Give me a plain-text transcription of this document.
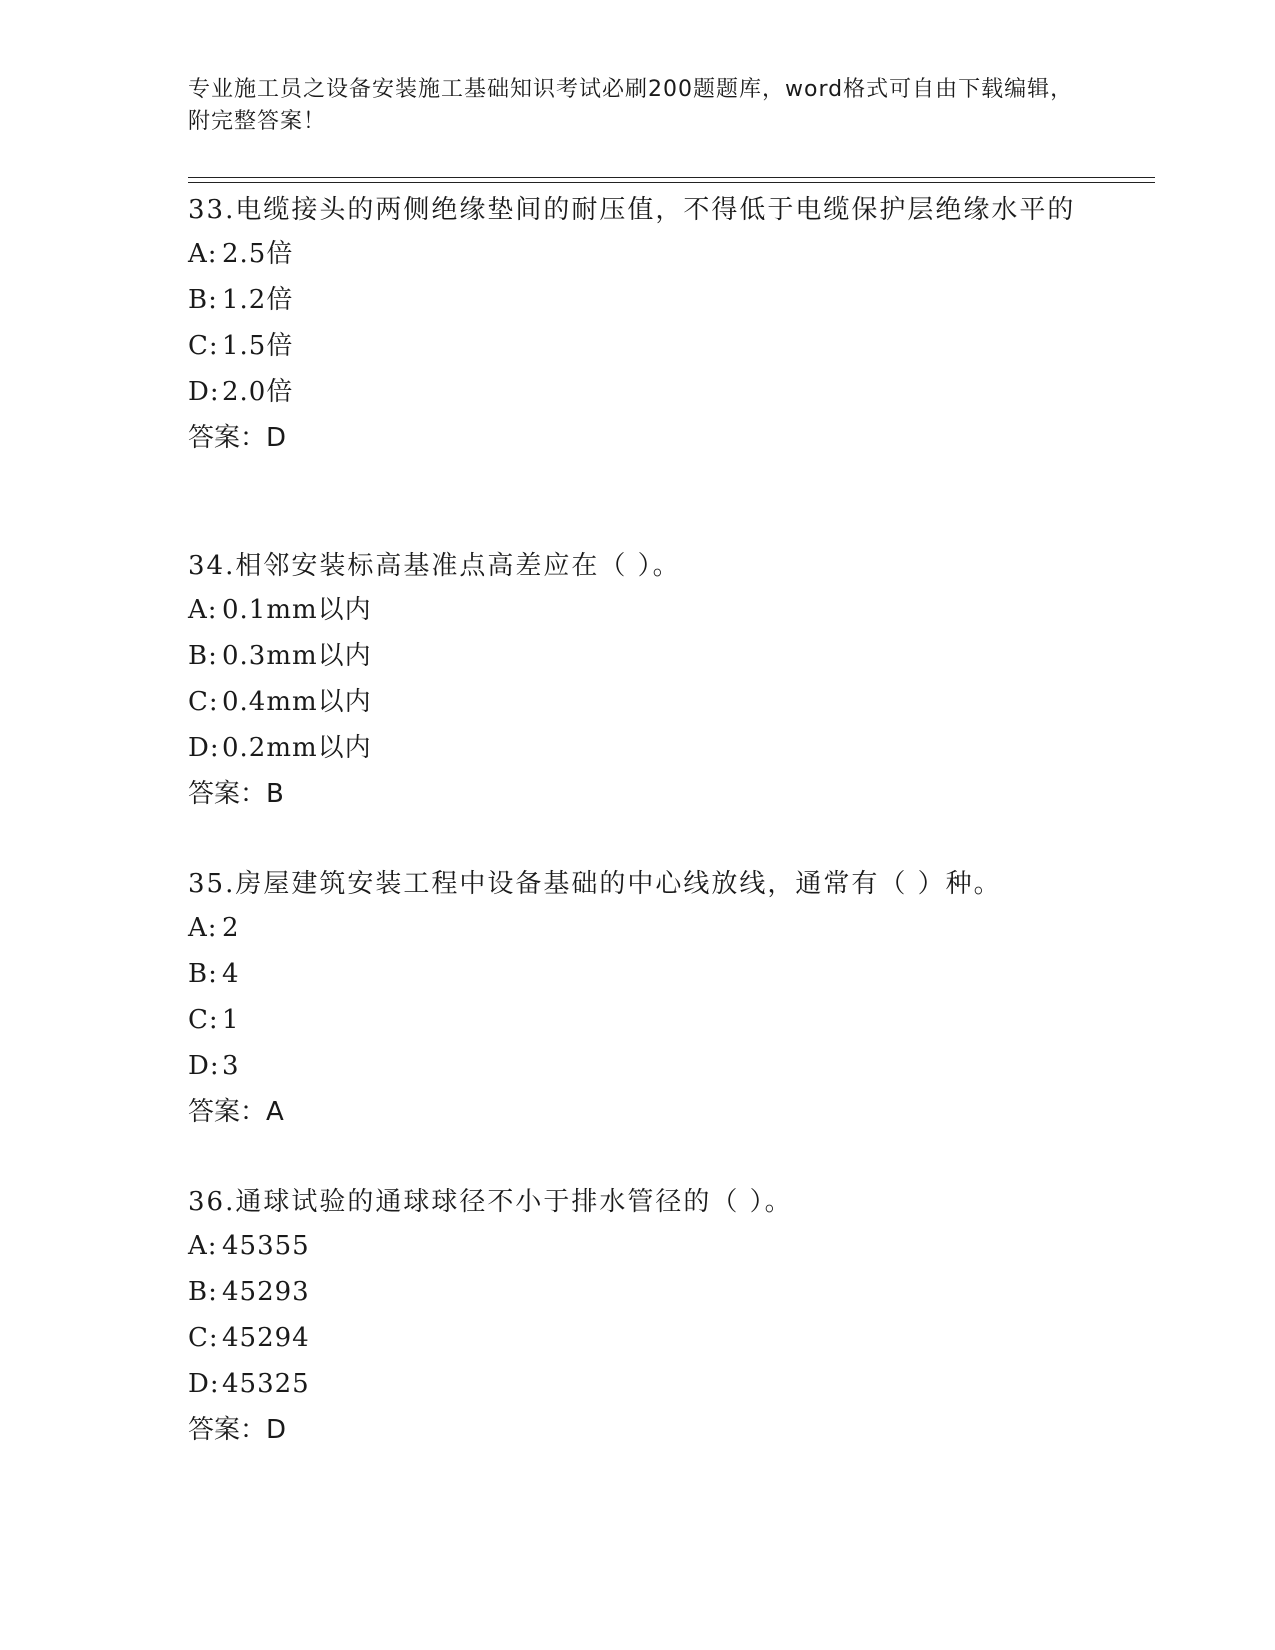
专业施工员之设备安装施工基础知识考试必刷200题题库，word格式可自由下载编辑，附完整答案！

33.电缆接头的两侧绝缘垫间的耐压值，不得低于电缆保护层绝缘水平的

A: 2.5倍

B: 1.2倍

C: 1.5倍

D:2.0倍

答案：D

34.相邻安装标高基准点高差应在（ ）。

A: 0.1mm以内

B: 0.3mm以内

C: 0.4mm以内

D:0.2mm以内

答案：B

35.房屋建筑安装工程中设备基础的中心线放线，通常有（ ）种。

A: 2

B: 4

C: 1

D:3

答案：A

36.通球试验的通球球径不小于排水管径的（ ）。

A: 45355

B: 45293

C: 45294

D:45325

答案：D
